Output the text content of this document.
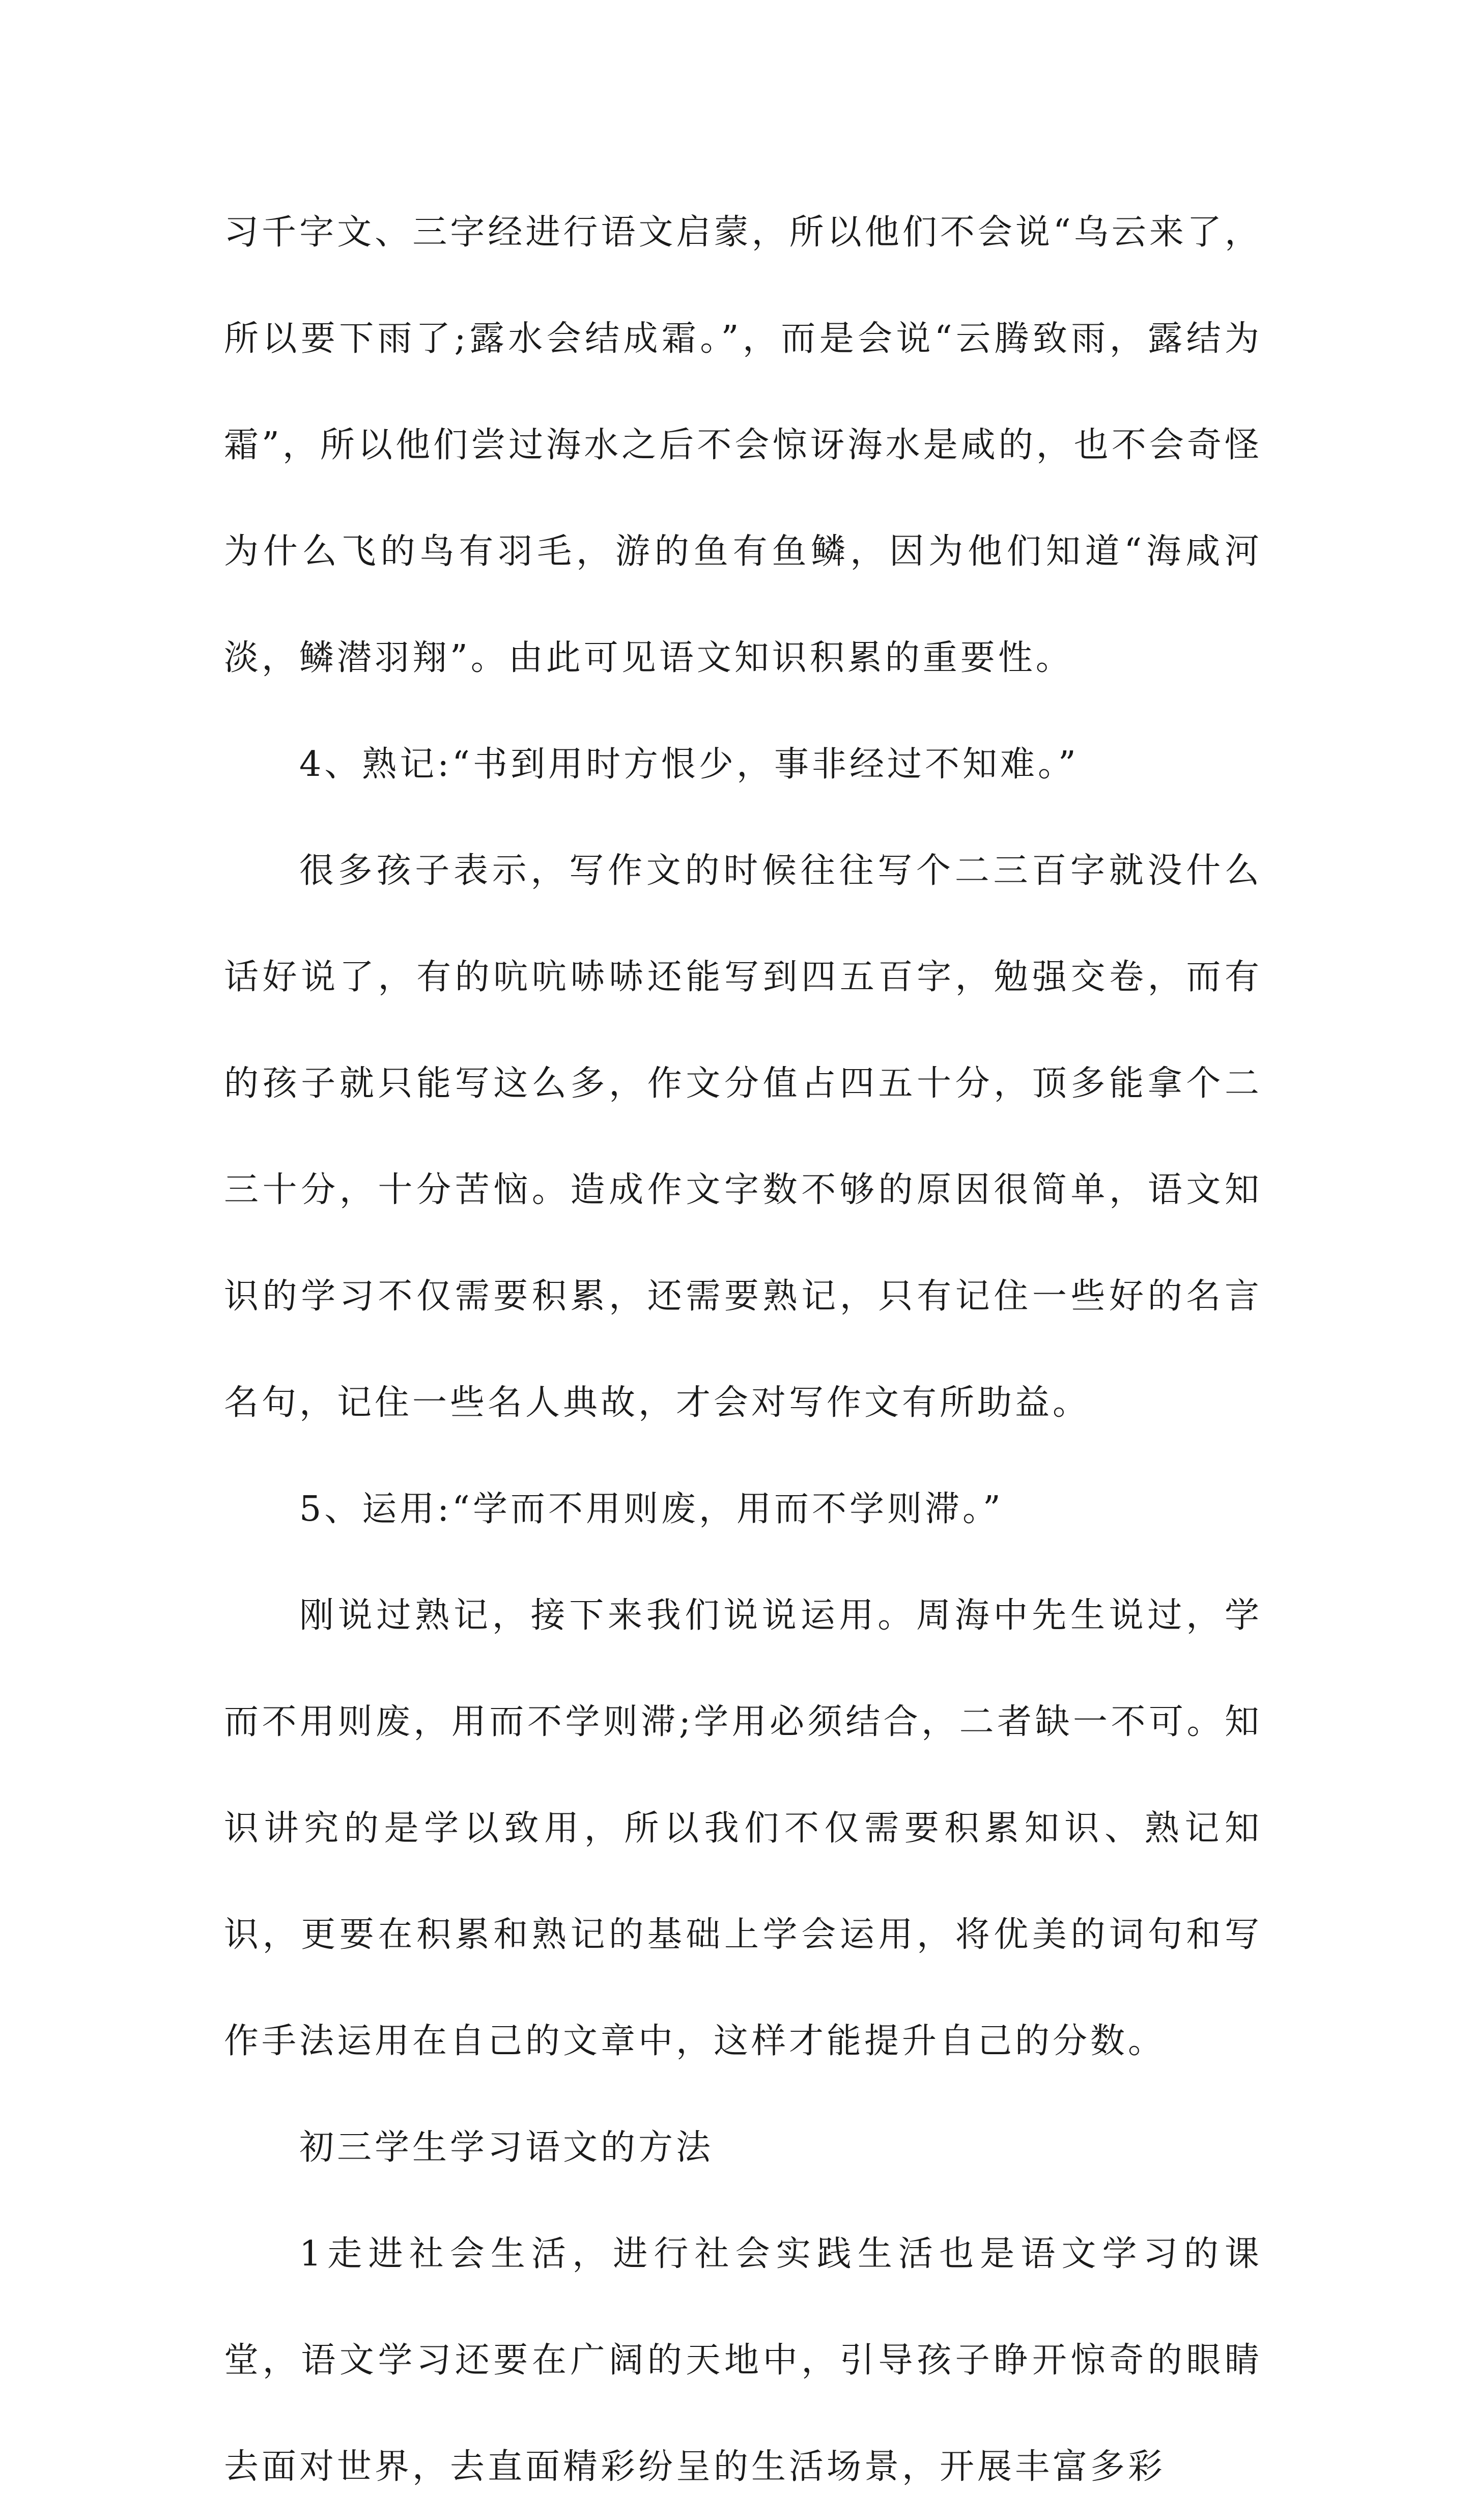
习千字文、三字经进行语文启蒙，所以他们不会说“乌云来了，所以要下雨了;露水会结成霜。”，而是会说“云腾致雨，露结为霜”，所以他们尝过海水之后不会惊讶海水是咸的，也不会奇怪为什么飞的鸟有羽毛，游的鱼有鱼鳞，因为他们知道“海咸河淡，鳞潜羽翔”。由此可见语文知识积累的重要性。

4、熟记:“书到用时方恨少，事非经过不知难。”

很多孩子表示，写作文的时候往往写个二三百字就没什么话好说了，有的吭吭哧哧还能写到四五百字，勉强交卷，而有的孩子就只能写这么多，作文分值占四五十分，顶多能拿个二三十分，十分苦恼。造成作文字数不够的原因很简单，语文知识的学习不仅需要积累，还需要熟记，只有记住一些好的名言名句，记住一些名人典故，才会对写作文有所助益。

5、运用:“学而不用则废，用而不学则滞。”

刚说过熟记，接下来我们说说运用。周海中先生说过，学而不用则废，用而不学则滞;学用必须结合，二者缺一不可。知识讲究的是学以致用，所以我们不仅需要积累知识、熟记知识，更要在积累和熟记的基础上学会运用，将优美的词句和写作手法运用在自己的文章中，这样才能提升自己的分数。

初三学生学习语文的方法

1走进社会生活，进行社会实践生活也是语文学习的课堂，语文学习还要在广阔的天地中，引导孩子睁开惊奇的眼睛去面对世界，去直面精彩纷呈的生活场景，开展丰富多彩
